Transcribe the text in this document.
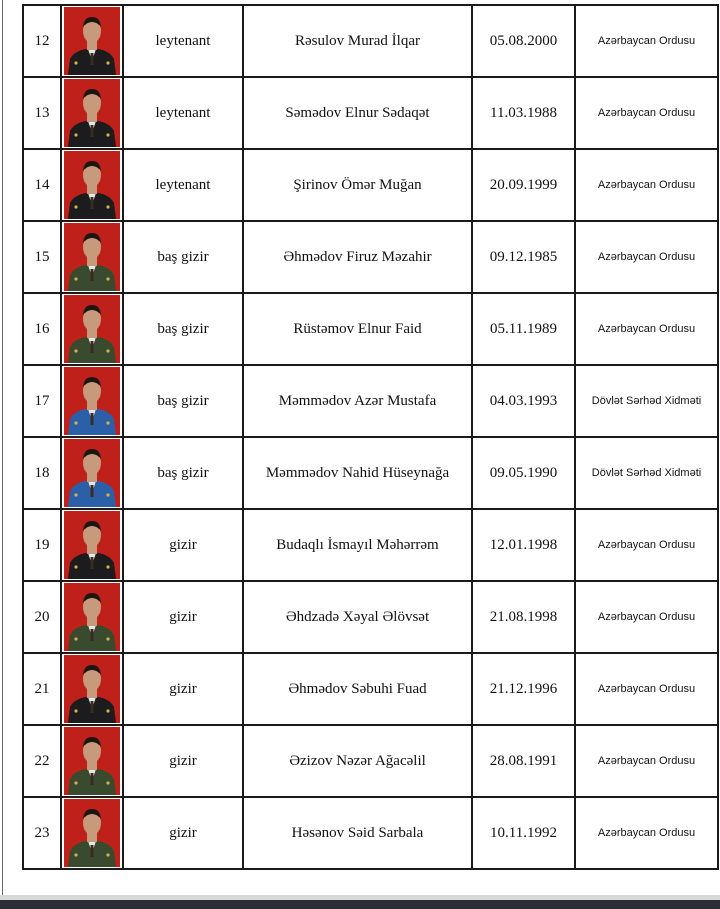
12		leytenant	Rəsulov Murad İlqar	05.08.2000	Azərbaycan Ordusu
13		leytenant	Səmədov Elnur Sədaqət	11.03.1988	Azərbaycan Ordusu
14		leytenant	Şirinov Ömər Muğan	20.09.1999	Azərbaycan Ordusu
15		baş gizir	Əhmədov Firuz Məzahir	09.12.1985	Azərbaycan Ordusu
16		baş gizir	Rüstəmov Elnur Faid	05.11.1989	Azərbaycan Ordusu
17		baş gizir	Məmmədov Azər Mustafa	04.03.1993	Dövlət Sərhəd Xidməti
18		baş gizir	Məmmədov Nahid Hüseynağa	09.05.1990	Dövlət Sərhəd Xidməti
19		gizir	Budaqlı İsmayıl Məhərrəm	12.01.1998	Azərbaycan Ordusu
20		gizir	Əhdzadə Xəyal Əlövsət	21.08.1998	Azərbaycan Ordusu
21		gizir	Əhmədov Səbuhi Fuad	21.12.1996	Azərbaycan Ordusu
22		gizir	Əzizov Nəzər Ağacəlil	28.08.1991	Azərbaycan Ordusu
23		gizir	Həsənov Səid Sarbala	10.11.1992	Azərbaycan Ordusu
